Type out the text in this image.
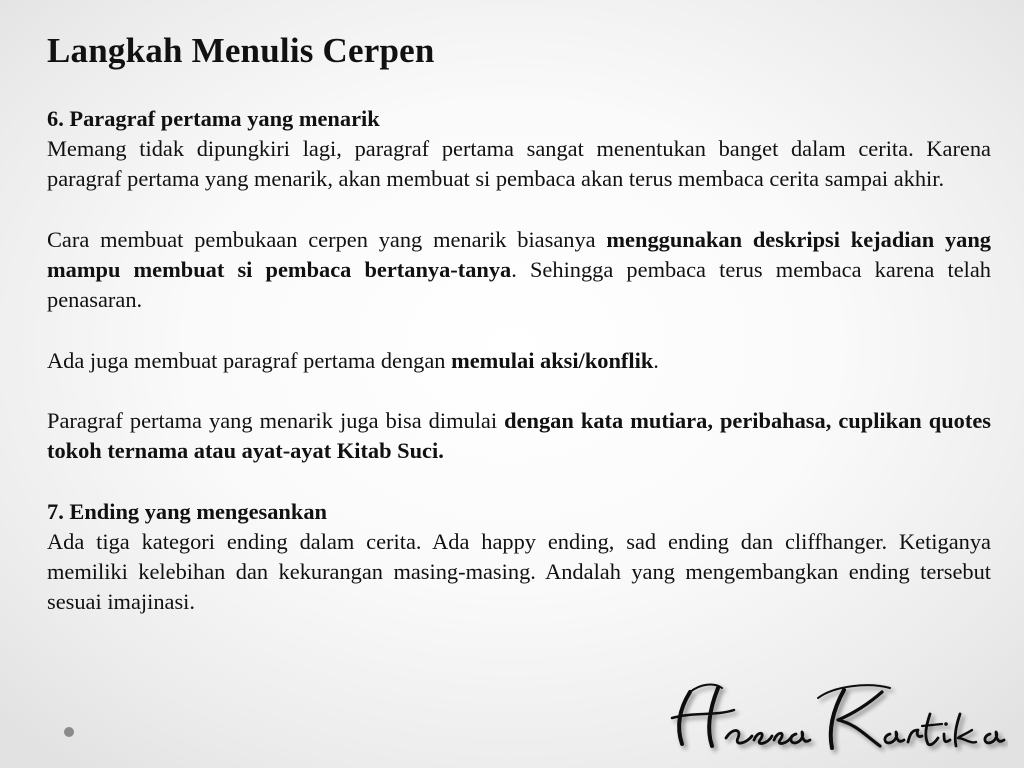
Langkah Menulis Cerpen

6. Paragraf pertama yang menarik

Memang tidak dipungkiri lagi, paragraf pertama sangat menentukan banget dalam cerita. Karena paragraf pertama yang menarik, akan membuat si pembaca akan terus membaca cerita sampai akhir.

Cara membuat pembukaan cerpen yang menarik biasanya menggunakan deskripsi kejadian yang mampu membuat si pembaca bertanya-tanya. Sehingga pembaca terus membaca karena telah penasaran.

Ada juga membuat paragraf pertama dengan memulai aksi/konflik.

Paragraf pertama yang menarik juga bisa dimulai dengan kata mutiara, peribahasa, cuplikan quotes tokoh ternama atau ayat-ayat Kitab Suci.

7. Ending yang mengesankan

Ada tiga kategori ending dalam cerita. Ada happy ending, sad ending dan cliffhanger. Ketiganya memiliki kelebihan dan kekurangan masing-masing. Andalah yang mengembangkan ending tersebut sesuai imajinasi.
